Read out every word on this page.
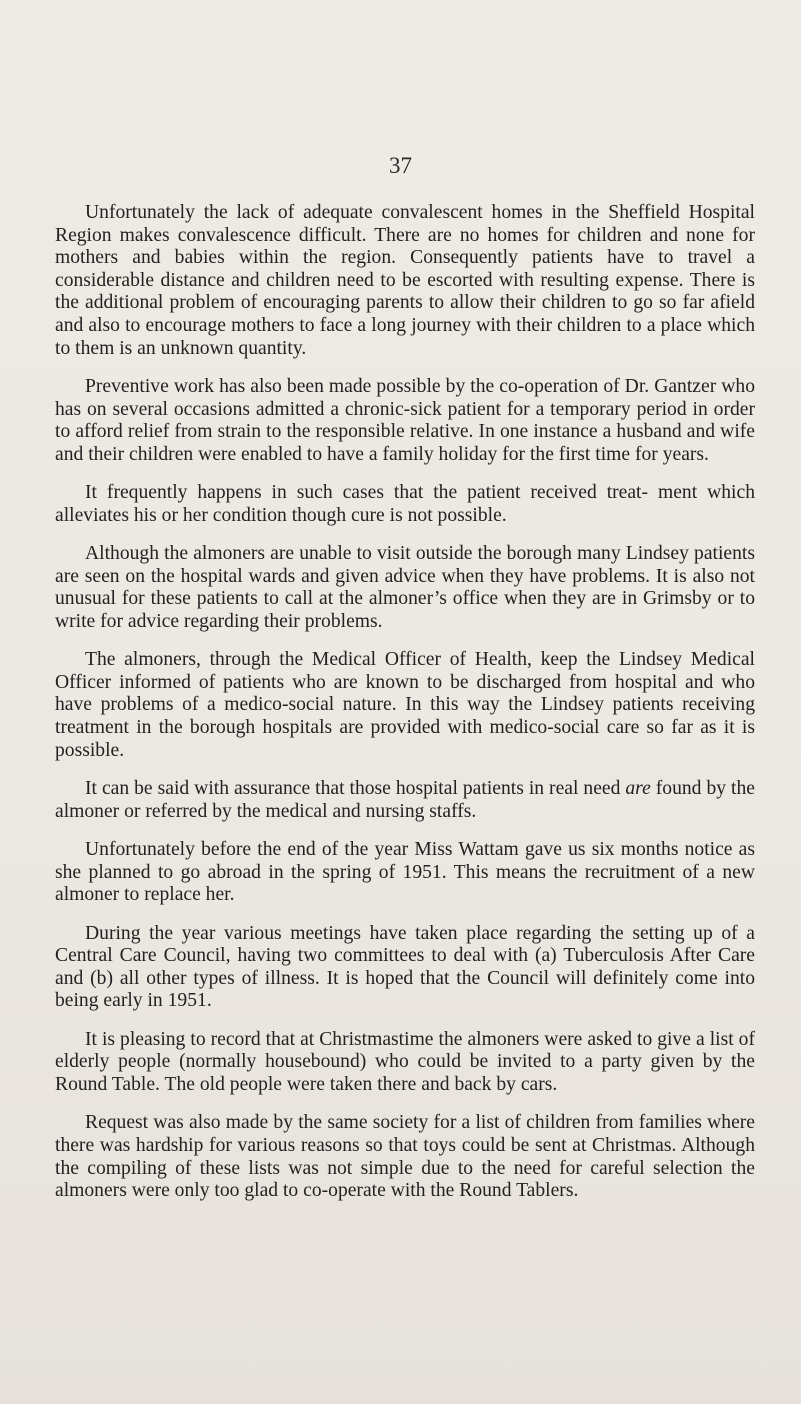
37

Unfortunately the lack of adequate convalescent homes in the Sheffield Hospital Region makes convalescence difficult. There are no homes for children and none for mothers and babies within the region. Consequently patients have to travel a considerable distance and children need to be escorted with resulting expense. There is the additional problem of encouraging parents to allow their children to go so far afield and also to encourage mothers to face a long journey with their children to a place which to them is an unknown quantity.

Preventive work has also been made possible by the co-operation of Dr. Gantzer who has on several occasions admitted a chronic-sick patient for a temporary period in order to afford relief from strain to the responsible relative. In one instance a husband and wife and their children were enabled to have a family holiday for the first time for years.

It frequently happens in such cases that the patient received treat- ment which alleviates his or her condition though cure is not possible.

Although the almoners are unable to visit outside the borough many Lindsey patients are seen on the hospital wards and given advice when they have problems. It is also not unusual for these patients to call at the almoner’s office when they are in Grimsby or to write for advice regarding their problems.

The almoners, through the Medical Officer of Health, keep the Lindsey Medical Officer informed of patients who are known to be discharged from hospital and who have problems of a medico-social nature. In this way the Lindsey patients receiving treatment in the borough hospitals are provided with medico-social care so far as it is possible.

It can be said with assurance that those hospital patients in real need are found by the almoner or referred by the medical and nursing staffs.

Unfortunately before the end of the year Miss Wattam gave us six months notice as she planned to go abroad in the spring of 1951. This means the recruitment of a new almoner to replace her.

During the year various meetings have taken place regarding the setting up of a Central Care Council, having two committees to deal with (a) Tuberculosis After Care and (b) all other types of illness. It is hoped that the Council will definitely come into being early in 1951.

It is pleasing to record that at Christmastime the almoners were asked to give a list of elderly people (normally housebound) who could be invited to a party given by the Round Table. The old people were taken there and back by cars.

Request was also made by the same society for a list of children from families where there was hardship for various reasons so that toys could be sent at Christmas. Although the compiling of these lists was not simple due to the need for careful selection the almoners were only too glad to co-operate with the Round Tablers.
